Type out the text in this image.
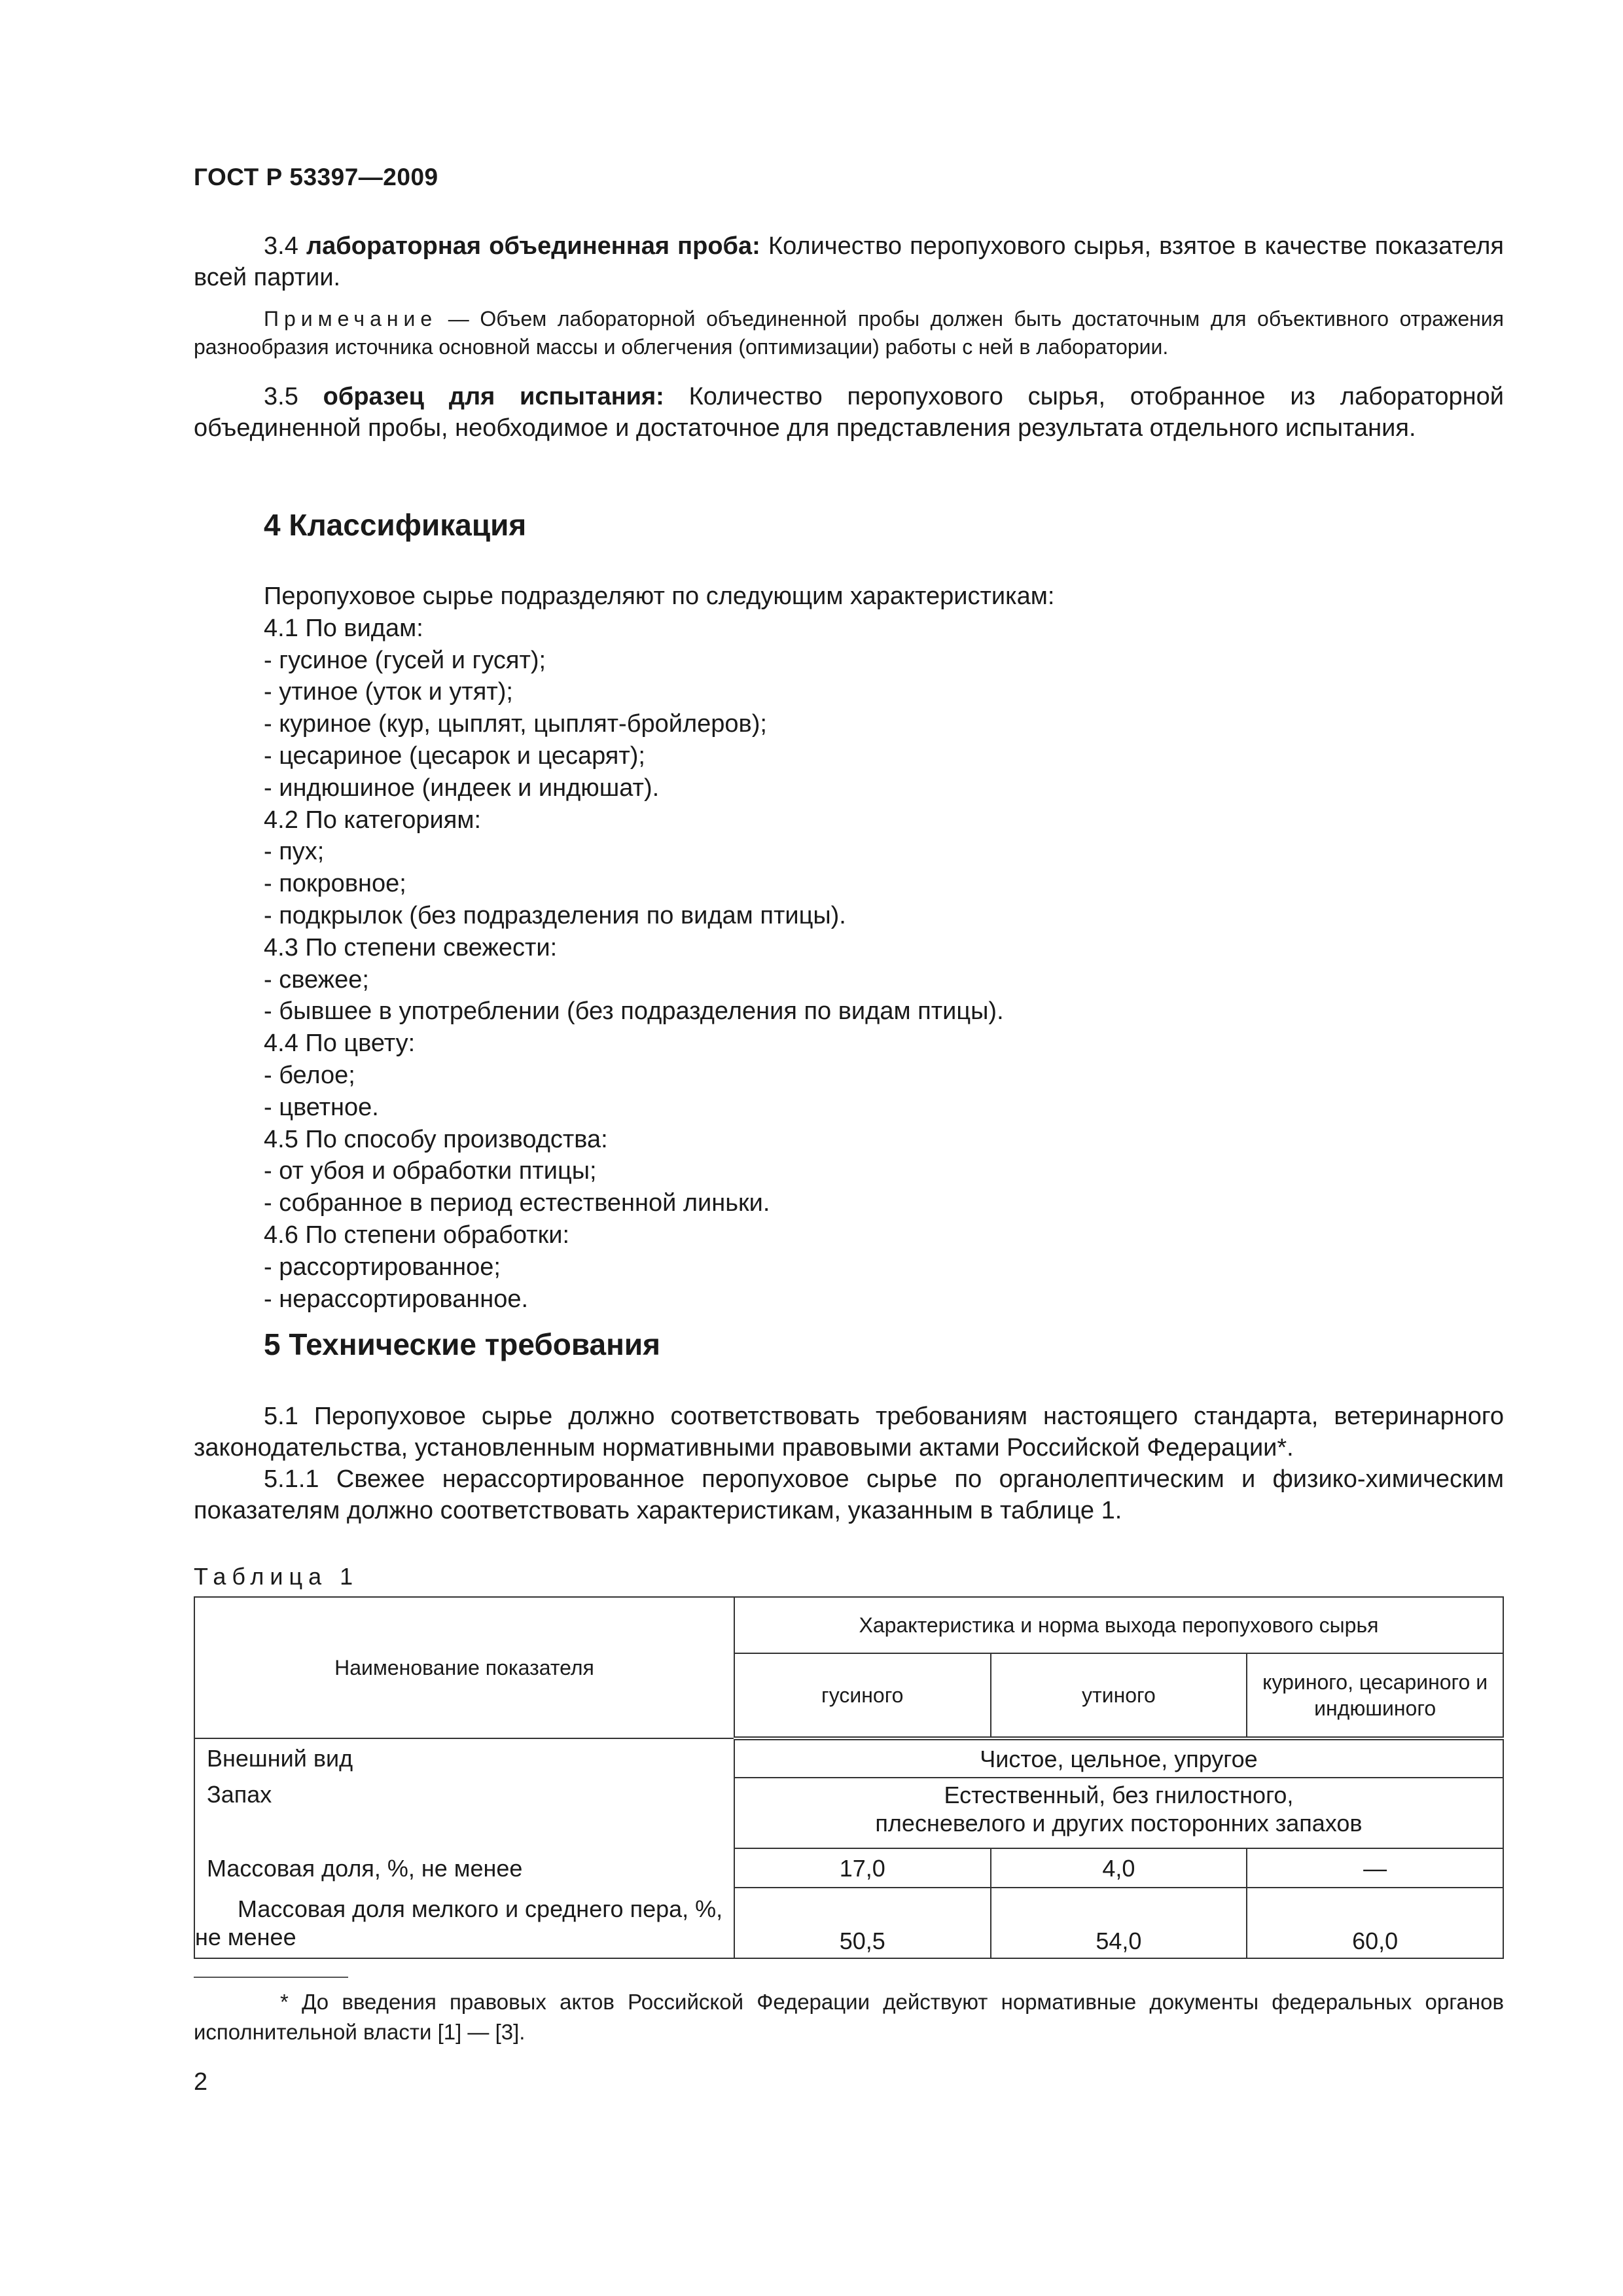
ГОСТ Р 53397—2009

3.4 лабораторная объединенная проба: Количество перопухового сырья, взятое в качестве показателя всей партии.

Примечание — Объем лабораторной объединенной пробы должен быть достаточным для объективного отражения разнообразия источника основной массы и облегчения (оптимизации) работы с ней в лаборатории.

3.5 образец для испытания: Количество перопухового сырья, отобранное из лабораторной объединенной пробы, необходимое и достаточное для представления результата отдельного испытания.

4 Классификация
Перопуховое сырье подразделяют по следующим характеристикам:
4.1 По видам:
- гусиное (гусей и гусят);
- утиное (уток и утят);
- куриное (кур, цыплят, цыплят-бройлеров);
- цесариное (цесарок и цесарят);
- индюшиное (индеек и индюшат).
4.2 По категориям:
- пух;
- покровное;
- подкрылок (без подразделения по видам птицы).
4.3 По степени свежести:
- свежее;
- бывшее в употреблении (без подразделения по видам птицы).
4.4 По цвету:
- белое;
- цветное.
4.5 По способу производства:
- от убоя и обработки птицы;
- собранное в период естественной линьки.
4.6 По степени обработки:
- рассортированное;
- нерассортированное.
5 Технические требования

5.1 Перопуховое сырье должно соответствовать требованиям настоящего стандарта, ветеринарного законодательства, установленным нормативными правовыми актами Российской Федерации*.

5.1.1 Свежее нерассортированное перопуховое сырье по органолептическим и физико-химическим показателям должно соответствовать характеристикам, указанным в таблице 1.

Таблица 1
Наименование показателя	Характеристика и норма выхода перопухового сырья		
	гусиного	утиного	куриного, цесариного и индюшиного
Внешний вид	Чистое, цельное, упругое		
Запах	Естественный, без гнилостного, плесневелого и других посторонних запахов		
Массовая доля, %, не менее	17,0	4,0	—
Массовая доля мелкого и среднего пера, %, не менее	50,5	54,0	60,0

* До введения правовых актов Российской Федерации действуют нормативные документы федеральных органов исполнительной власти [1] — [3].

2
